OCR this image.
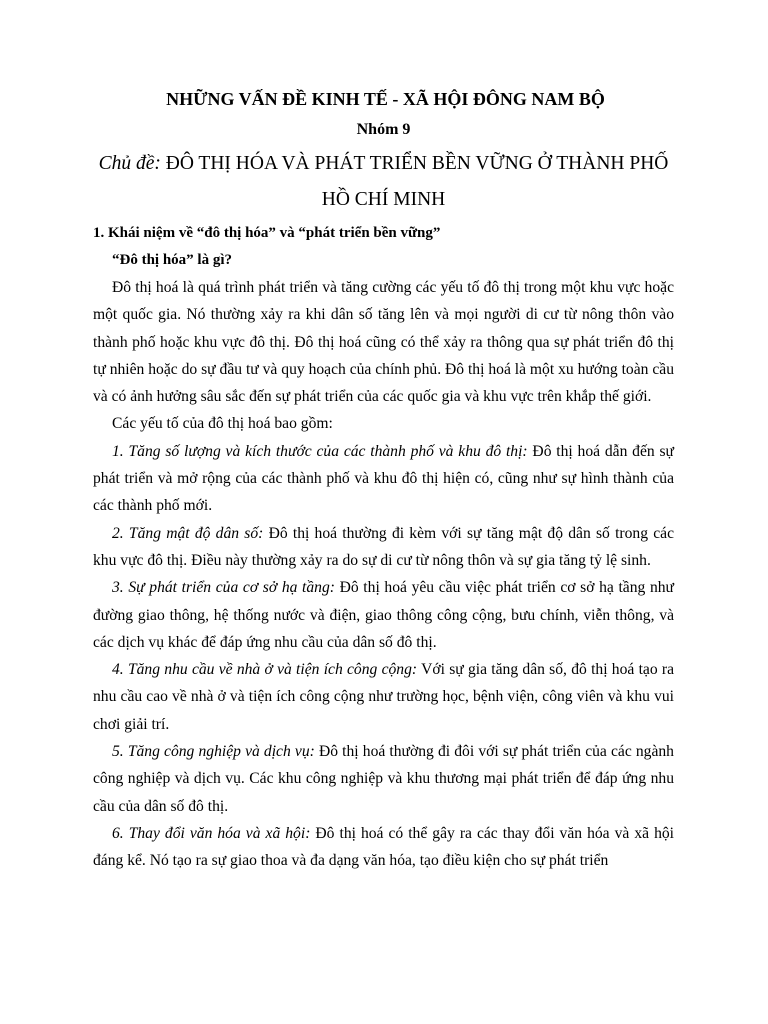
NHỮNG VẤN ĐỀ KINH TẾ - XÃ HỘI ĐÔNG NAM BỘ

Nhóm 9

Chủ đề: ĐÔ THỊ HÓA VÀ PHÁT TRIỂN BỀN VỮNG Ở THÀNH PHỐ HỒ CHÍ MINH

1. Khái niệm về “đô thị hóa” và “phát triển bền vững”

“Đô thị hóa” là gì?

Đô thị hoá là quá trình phát triển và tăng cường các yếu tố đô thị trong một khu vực hoặc một quốc gia. Nó thường xảy ra khi dân số tăng lên và mọi người di cư từ nông thôn vào thành phố hoặc khu vực đô thị. Đô thị hoá cũng có thể xảy ra thông qua sự phát triển đô thị tự nhiên hoặc do sự đầu tư và quy hoạch của chính phủ. Đô thị hoá là một xu hướng toàn cầu và có ảnh hưởng sâu sắc đến sự phát triển của các quốc gia và khu vực trên khắp thế giới.

Các yếu tố của đô thị hoá bao gồm:

1. Tăng số lượng và kích thước của các thành phố và khu đô thị: Đô thị hoá dẫn đến sự phát triển và mở rộng của các thành phố và khu đô thị hiện có, cũng như sự hình thành của các thành phố mới.

2. Tăng mật độ dân số: Đô thị hoá thường đi kèm với sự tăng mật độ dân số trong các khu vực đô thị. Điều này thường xảy ra do sự di cư từ nông thôn và sự gia tăng tỷ lệ sinh.

3. Sự phát triển của cơ sở hạ tầng: Đô thị hoá yêu cầu việc phát triển cơ sở hạ tầng như đường giao thông, hệ thống nước và điện, giao thông công cộng, bưu chính, viễn thông, và các dịch vụ khác để đáp ứng nhu cầu của dân số đô thị.

4. Tăng nhu cầu về nhà ở và tiện ích công cộng: Với sự gia tăng dân số, đô thị hoá tạo ra nhu cầu cao về nhà ở và tiện ích công cộng như trường học, bệnh viện, công viên và khu vui chơi giải trí.

5. Tăng công nghiệp và dịch vụ: Đô thị hoá thường đi đôi với sự phát triển của các ngành công nghiệp và dịch vụ. Các khu công nghiệp và khu thương mại phát triển để đáp ứng nhu cầu của dân số đô thị.

6. Thay đổi văn hóa và xã hội: Đô thị hoá có thể gây ra các thay đổi văn hóa và xã hội đáng kể. Nó tạo ra sự giao thoa và đa dạng văn hóa, tạo điều kiện cho sự phát triển
